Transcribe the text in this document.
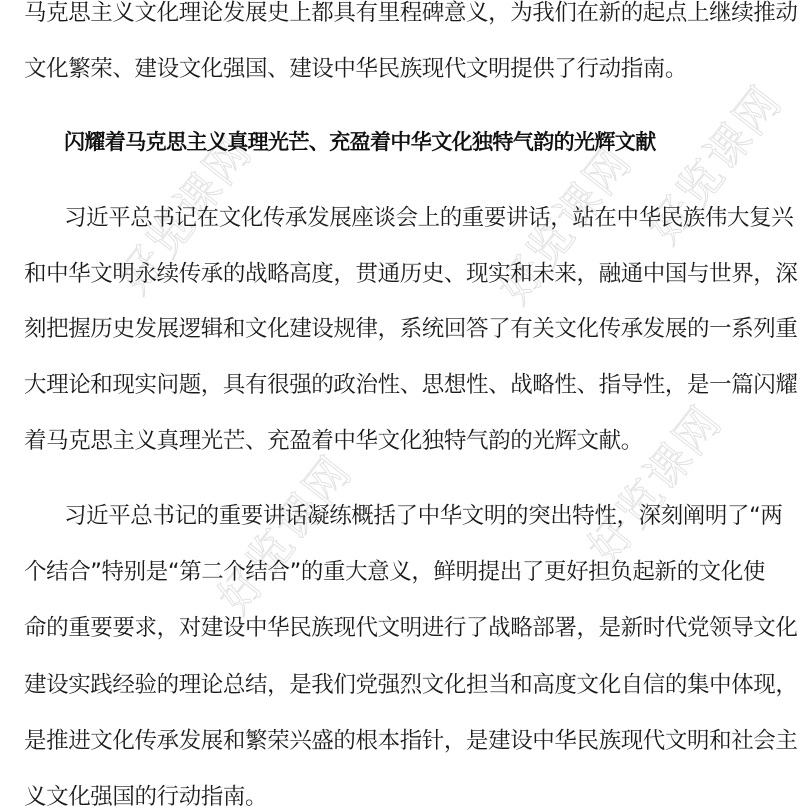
好览课网
好览课网
好览课网	好览课网
好览课网
马克思主义文化理论发展史上都具有里程碑意义，为我们在新的起点上继续推动
文化繁荣、建设文化强国、建设中华民族现代文明提供了行动指南。
闪耀着马克思主义真理光芒、充盈着中华文化独特气韵的光辉文献
习近平总书记在文化传承发展座谈会上的重要讲话，站在中华民族伟大复兴
和中华文明永续传承的战略高度，贯通历史、现实和未来，融通中国与世界，深
刻把握历史发展逻辑和文化建设规律，系统回答了有关文化传承发展的一系列重
大理论和现实问题，具有很强的政治性、思想性、战略性、指导性，是一篇闪耀
着马克思主义真理光芒、充盈着中华文化独特气韵的光辉文献。
习近平总书记的重要讲话凝练概括了中华文明的突出特性，深刻阐明了“两
个结合”特别是“第二个结合”的重大意义，鲜明提出了更好担负起新的文化使
命的重要要求，对建设中华民族现代文明进行了战略部署，是新时代党领导文化
建设实践经验的理论总结，是我们党强烈文化担当和高度文化自信的集中体现，
是推进文化传承发展和繁荣兴盛的根本指针，是建设中华民族现代文明和社会主
义文化强国的行动指南。
